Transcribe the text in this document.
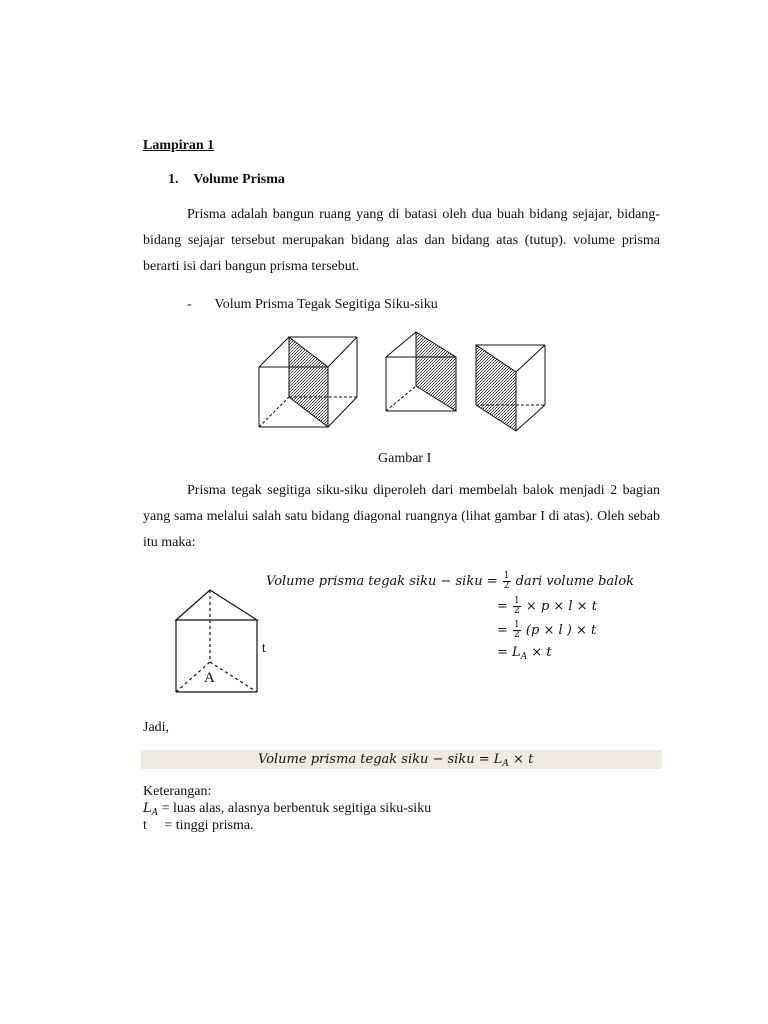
Lampiran 1
1. Volume Prisma
Prisma adalah bangun ruang yang di batasi oleh dua buah bidang sejajar, bidang-bidang sejajar tersebut merupakan bidang alas dan bidang atas (tutup). volume prisma berarti isi dari bangun prisma tersebut.
- Volum Prisma Tegak Segitiga Siku-siku
Gambar I
Prisma tegak segitiga siku-siku diperoleh dari membelah balok menjadi 2 bagian yang sama melalui salah satu bidang diagonal ruangnya (lihat gambar I di atas). Oleh sebab itu maka:
A
t
Volume prisma tegak siku − siku = $\frac{1}{2}$ dari volume balok
= $\frac{1}{2} \times p \times l \times t$
= $\frac{1}{2} (p \times l$ ) × t
= $L_A \times t$
Jadi,
Volume prisma tegak siku − siku = $L_A \times t$
Keterangan:
$L_A$ = luas alas, alasnya berbentuk segitiga siku-siku
t     = tinggi prisma.
